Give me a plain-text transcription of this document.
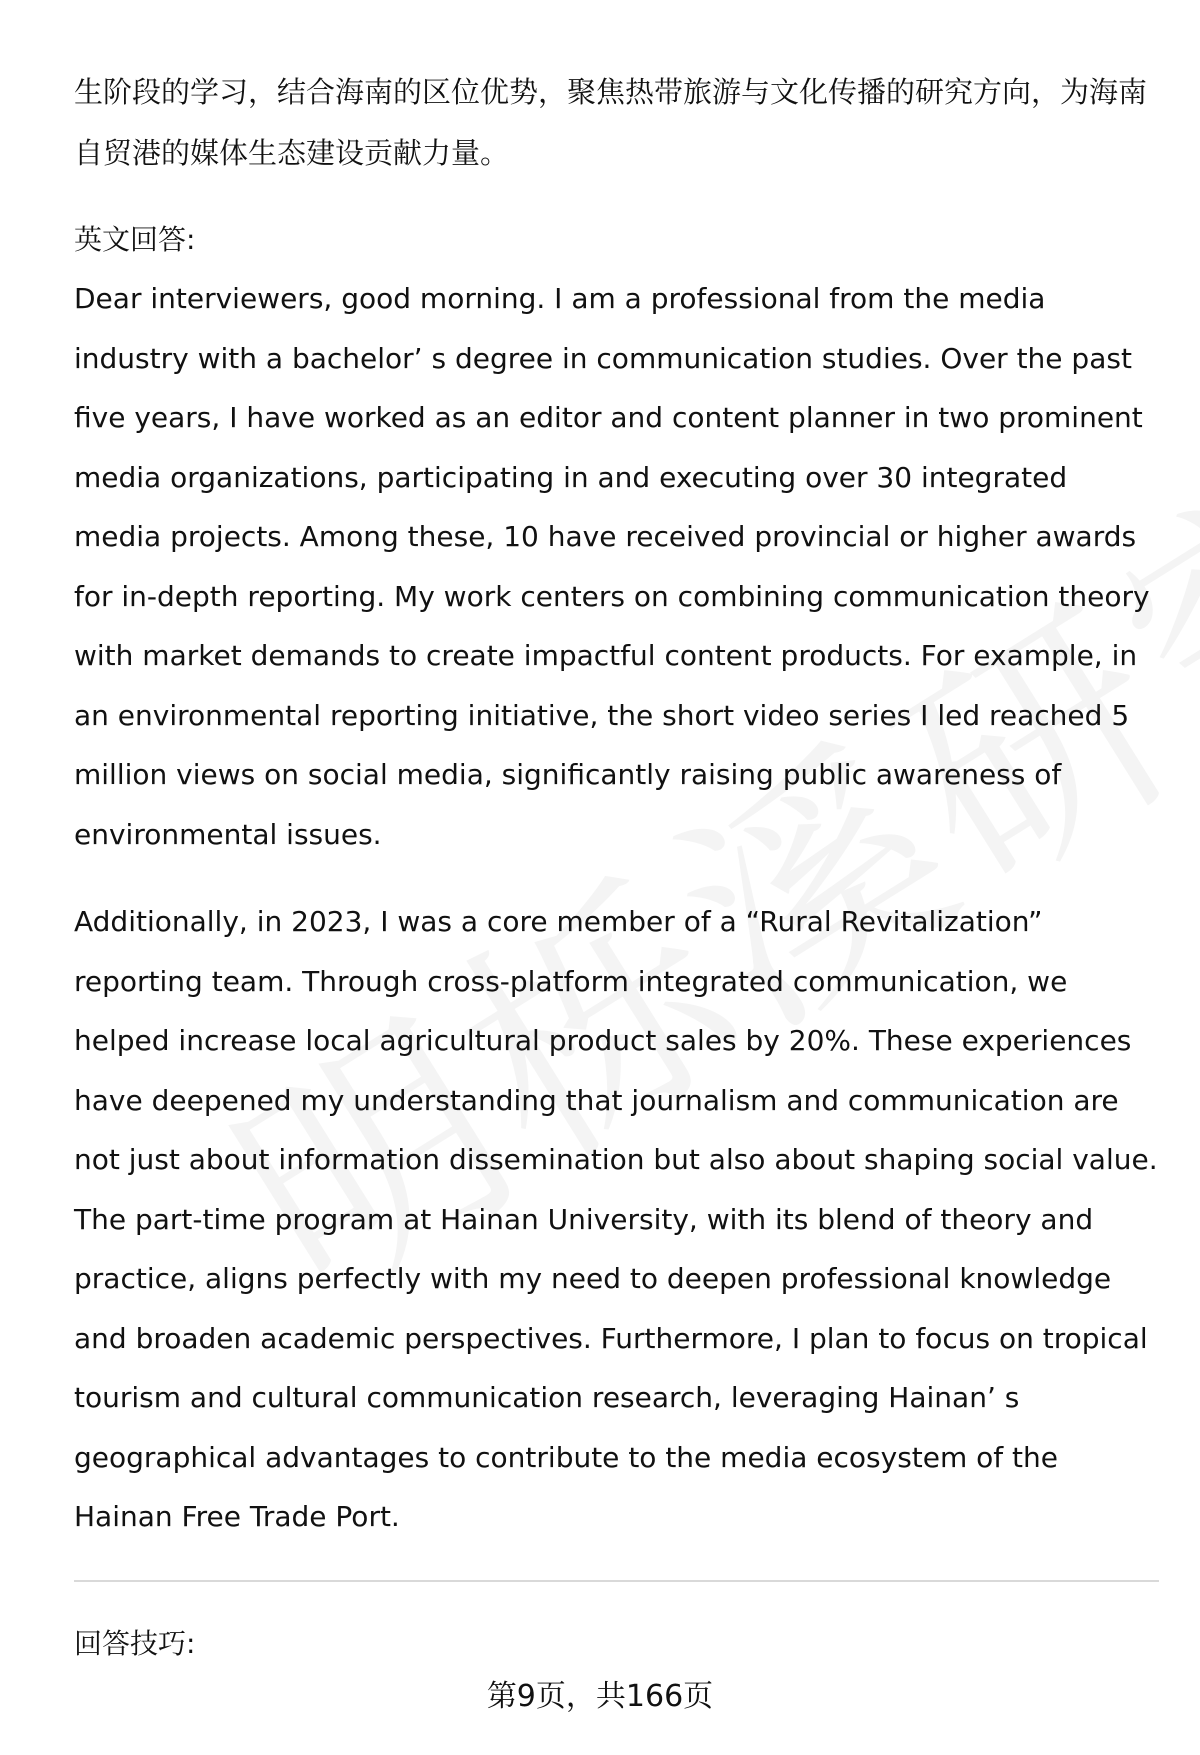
生阶段的学习，结合海南的区位优势，聚焦热带旅游与文化传播的研究方向，为海南自贸港的媒体生态建设贡献力量。

英文回答:

Dear interviewers, good morning. I am a professional from the media industry with a bachelor’ s degree in communication studies. Over the past five years, I have worked as an editor and content planner in two prominent media organizations, participating in and executing over 30 integrated media projects. Among these, 10 have received provincial or higher awards for in-depth reporting. My work centers on combining communication theory with market demands to create impactful content products. For example, in an environmental reporting initiative, the short video series I led reached 5 million views on social media, significantly raising public awareness of environmental issues.

Additionally, in 2023, I was a core member of a “Rural Revitalization” reporting team. Through cross-platform integrated communication, we helped increase local agricultural product sales by 20%. These experiences have deepened my understanding that journalism and communication are not just about information dissemination but also about shaping social value. The part-time program at Hainan University, with its blend of theory and practice, aligns perfectly with my need to deepen professional knowledge and broaden academic perspectives. Furthermore, I plan to focus on tropical tourism and cultural communication research, leveraging Hainan’ s geographical advantages to contribute to the media ecosystem of the Hainan Free Trade Port.

回答技巧:

第9页，共166页
